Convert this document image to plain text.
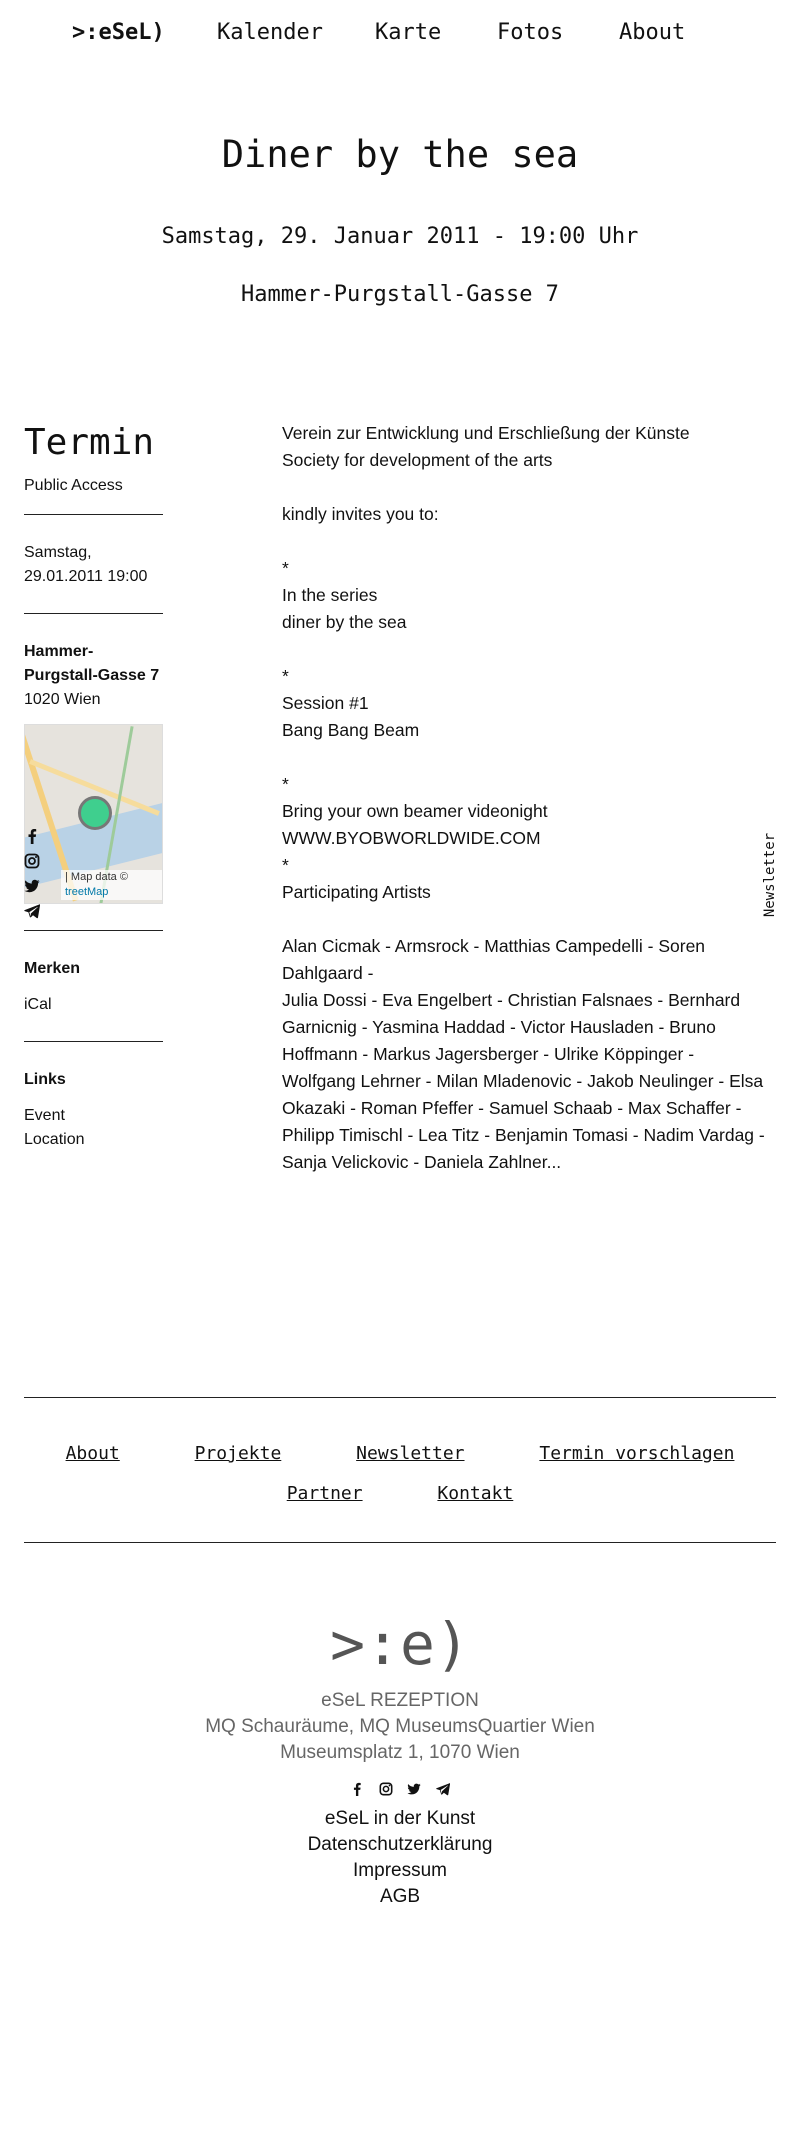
>:eSeL) Kalender Karte	Fotos	About
Diner by the sea
Samstag, 29. Januar 2011 - 19:00 Uhr
Hammer-Purgstall-Gasse 7
Termin
Public Access
Samstag,
29.01.2011 19:00
Hammer-
Purgstall-Gasse 7
1020 Wien
| Map data ©
treetMap
Merken
iCal
Links
Event
Location
Newsletter

Verein zur Entwicklung und Erschließung der Künste

Society for development of the arts

kindly invites you to:

*

In the series

diner by the sea

*

Session #1

Bang Bang Beam

*

Bring your own beamer videonight

WWW.BYOBWORLDWIDE.COM

*

Participating Artists

Alan Cicmak - Armsrock - Matthias Campedelli - Soren Dahlgaard -

Julia Dossi - Eva Engelbert - Christian Falsnaes - Bernhard Garnicnig - Yasmina Haddad - Victor Hausladen - Bruno Hoffmann - Markus Jagersberger - Ulrike Köppinger -

Wolfgang Lehrner - Milan Mladenovic - Jakob Neulinger - Elsa Okazaki - Roman Pfeffer - Samuel Schaab - Max Schaffer -

Philipp Timischl - Lea Titz - Benjamin Tomasi - Nadim Vardag -

Sanja Velickovic - Daniela Zahlner...

About	Projekte	Newsletter	Termin vorschlagen
Partner	Kontakt
>:e)
eSeL REZEPTION
MQ Schauräume, MQ MuseumsQuartier Wien
Museumsplatz 1, 1070 Wien

eSeL in der Kunst
Datenschutzerklärung
Impressum
AGB
